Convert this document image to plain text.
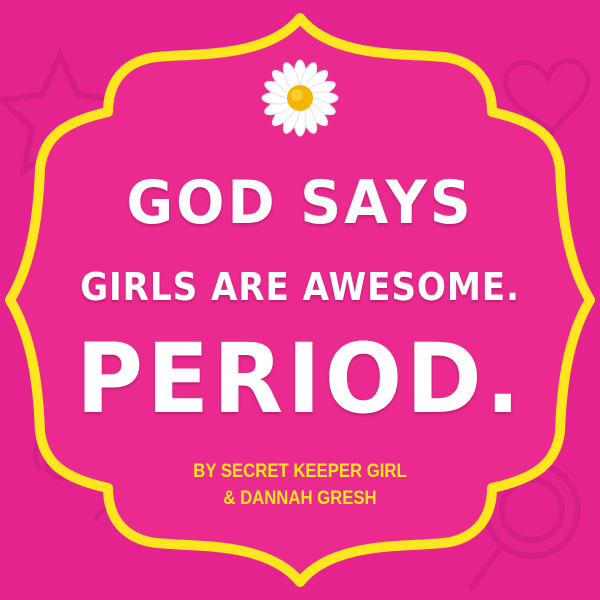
GOD SAYS
GIRLS ARE AWESOME.
PERIOD.
BY SECRET KEEPER GIRL
& DANNAH GRESH
